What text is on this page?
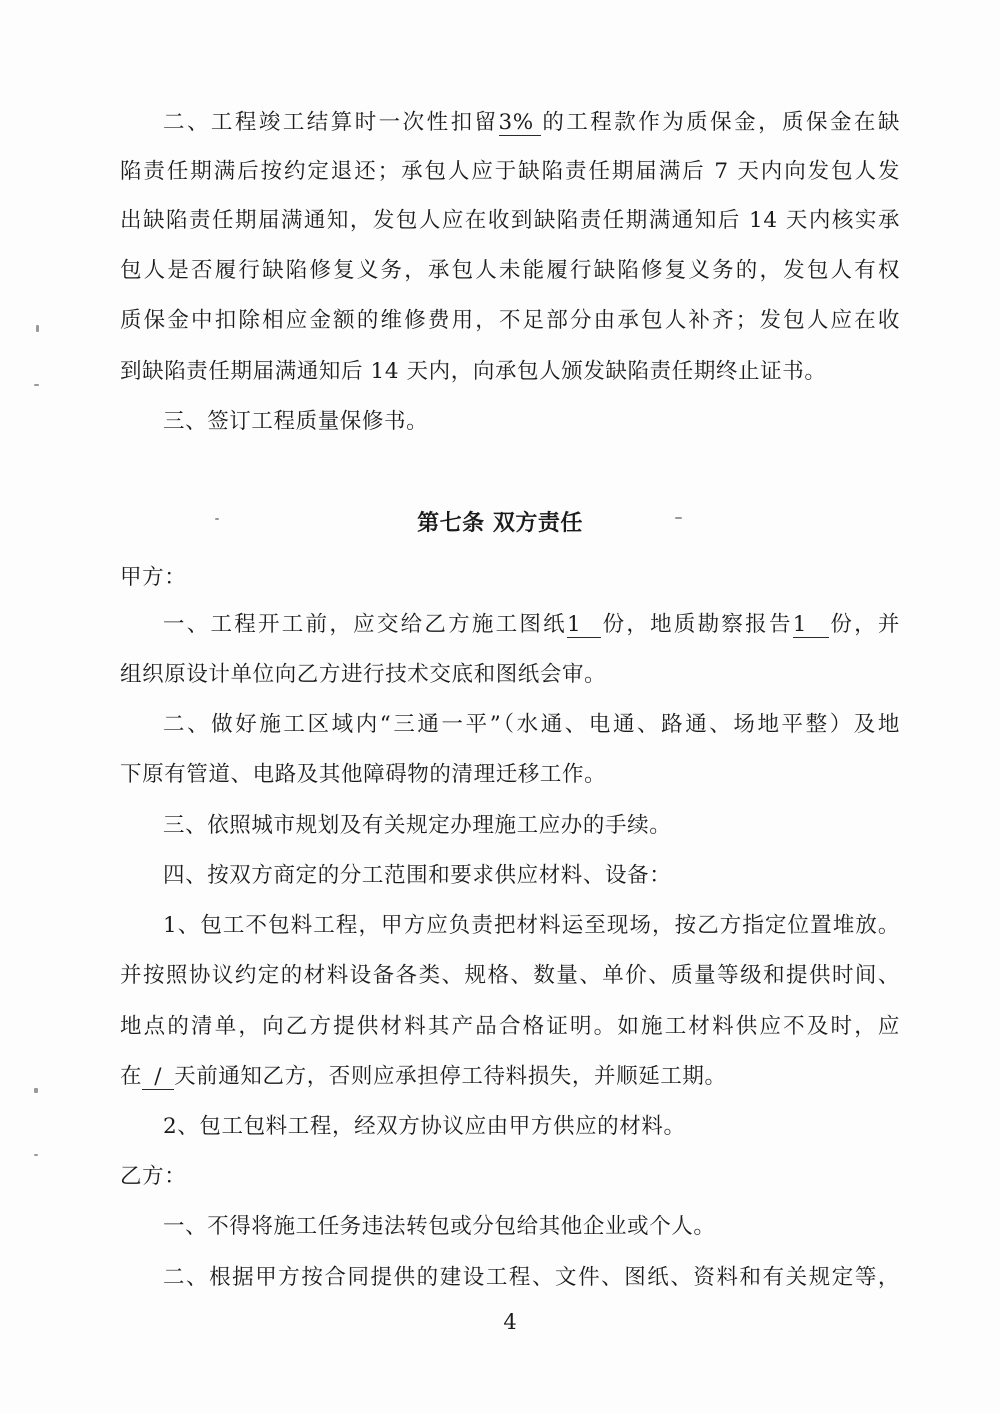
二、工程竣工结算时一次性扣留3% 的工程款作为质保金，质保金在缺
陷责任期满后按约定退还；承包人应于缺陷责任期届满后 7 天内向发包人发
出缺陷责任期届满通知，发包人应在收到缺陷责任期满通知后 14 天内核实承
包人是否履行缺陷修复义务，承包人未能履行缺陷修复义务的，发包人有权
质保金中扣除相应金额的维修费用，不足部分由承包人补齐；发包人应在收
到缺陷责任期届满通知后 14 天内，向承包人颁发缺陷责任期终止证书。
三、签订工程质量保修书。
第七条 双方责任
甲方：
一、工程开工前，应交给乙方施工图纸1 份，地质勘察报告1 份，并
组织原设计单位向乙方进行技术交底和图纸会审。
二、做好施工区域内“三通一平”（水通、电通、路通、场地平整）及地
下原有管道、电路及其他障碍物的清理迁移工作。
三、依照城市规划及有关规定办理施工应办的手续。
四、按双方商定的分工范围和要求供应材料、设备：
1、包工不包料工程，甲方应负责把材料运至现场，按乙方指定位置堆放。
并按照协议约定的材料设备各类、规格、数量、单价、质量等级和提供时间、
地点的清单，向乙方提供材料其产品合格证明。如施工材料供应不及时，应
在 / 天前通知乙方，否则应承担停工待料损失，并顺延工期。
2、包工包料工程，经双方协议应由甲方供应的材料。
乙方：
一、不得将施工任务违法转包或分包给其他企业或个人。
二、根据甲方按合同提供的建设工程、文件、图纸、资料和有关规定等，
4
